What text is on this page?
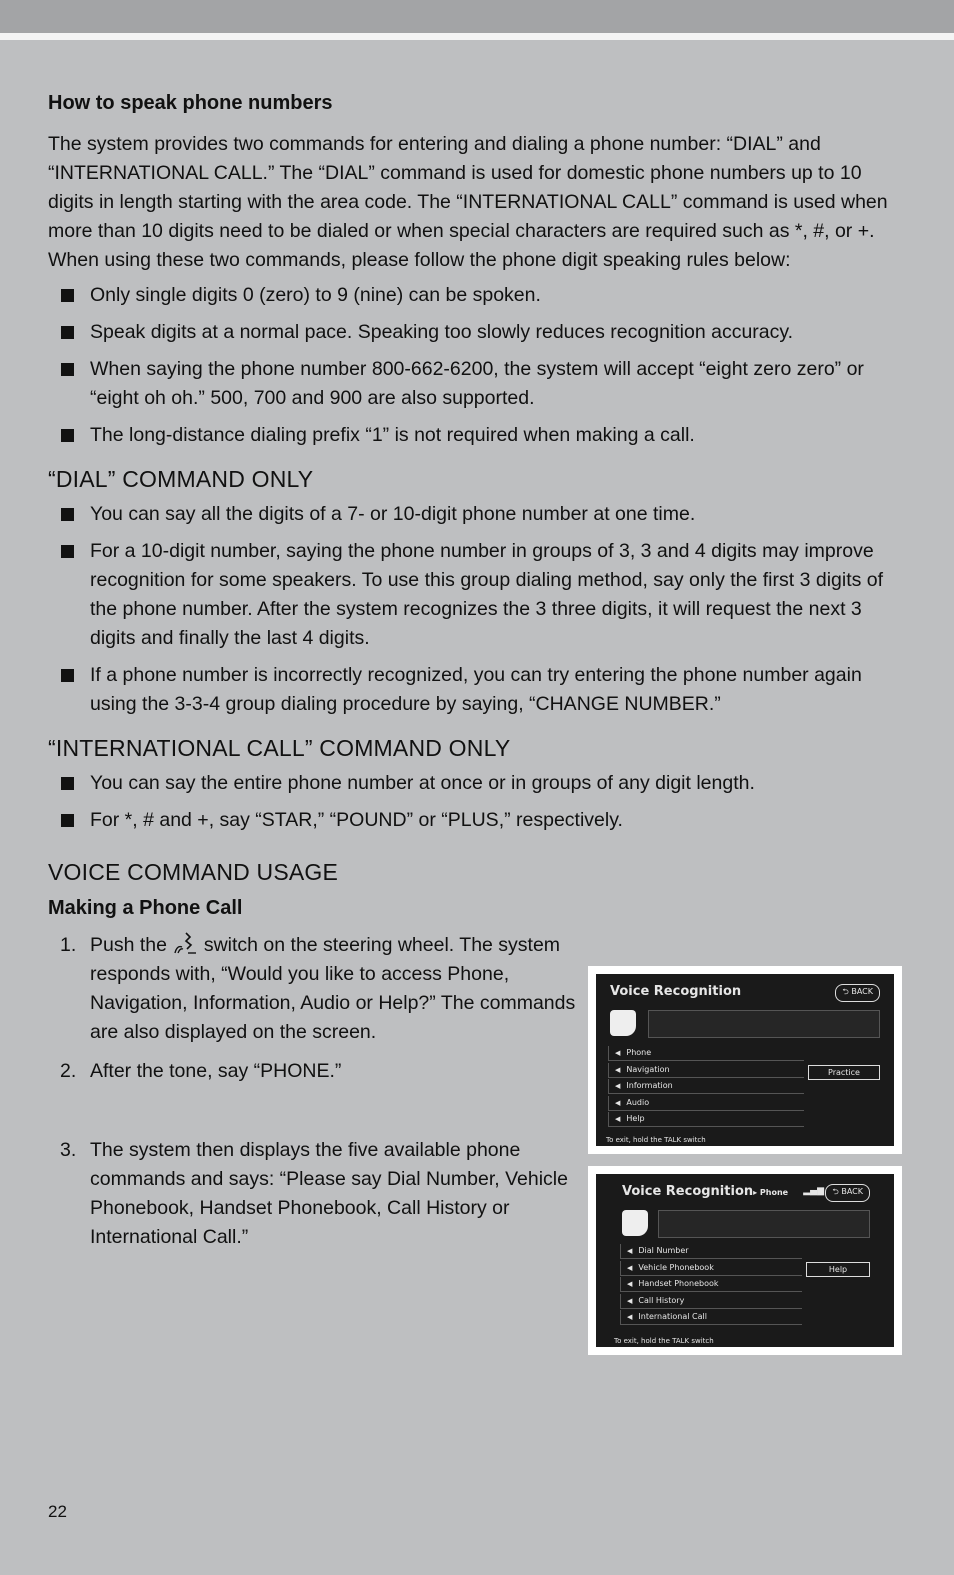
How to speak phone numbers

The system provides two commands for entering and dialing a phone number: “DIAL” and “INTERNATIONAL CALL.” The “DIAL” command is used for domestic phone numbers up to 10 digits in length starting with the area code. The “INTERNATIONAL CALL” command is used when more than 10 digits need to be dialed or when special characters are required such as *, #, or +. When using these two commands, please follow the phone digit speaking rules below:

Only single digits 0 (zero) to 9 (nine) can be spoken.
Speak digits at a normal pace. Speaking too slowly reduces recognition accuracy.
When saying the phone number 800-662-6200, the system will accept “eight zero zero” or “eight oh oh.” 500, 700 and 900 are also supported.
The long-distance dialing prefix “1” is not required when making a call.
“DIAL” COMMAND ONLY
You can say all the digits of a 7- or 10-digit phone number at one time.
For a 10-digit number, saying the phone number in groups of 3, 3 and 4 digits may improve recognition for some speakers. To use this group dialing method, say only the first 3 digits of the phone number. After the system recognizes the 3 three digits, it will request the next 3 digits and finally the last 4 digits.
If a phone number is incorrectly recognized, you can try entering the phone number again using the 3-3-4 group dialing procedure by saying, “CHANGE NUMBER.”
“INTERNATIONAL CALL” COMMAND ONLY
You can say the entire phone number at once or in groups of any digit length.
For *, # and +, say “STAR,” “POUND” or “PLUS,” respectively.
VOICE COMMAND USAGE
Making a Phone Call
1. Push the switch on the steering wheel. The system responds with, “Would you like to access Phone, Navigation, Information, Audio or Help?” The commands are also displayed on the screen.
2. After the tone, say “PHONE.”
3. The system then displays the five available phone commands and says: “Please say Dial Number, Vehicle Phonebook, Handset Phonebook, Call History or International Call.”
Voice Recognition	⮌ BACK
◀︎ Phone
◀︎ Navigation
◀︎ Information
◀︎ Audio
◀︎ Help
Practice
To exit, hold the TALK switch
Voice Recognition▸ Phone ▂▄▆	⮌ BACK
◀︎ Dial Number
◀︎ Vehicle Phonebook
◀︎ Handset Phonebook
◀︎ Call History
◀︎ International Call
Help
To exit, hold the TALK switch
22
